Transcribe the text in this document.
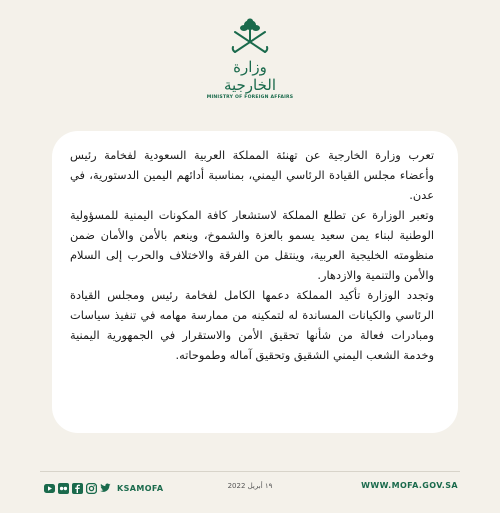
وزارة الخارجية
MINISTRY OF FOREIGN AFFAIRS

تعرب وزارة الخارجية عن تهنئة المملكة العربية السعودية لفخامة رئيس وأعضاء مجلس القيادة الرئاسي اليمني، بمناسبة أدائهم اليمين الدستورية، في عدن.

وتعبر الوزارة عن تطلع المملكة لاستشعار كافة المكونات اليمنية للمسؤولية الوطنية لبناء يمن سعيد يسمو بالعزة والشموخ، وينعم بالأمن والأمان ضمن منظومته الخليجية العربية، وينتقل من الفرقة والاختلاف والحرب إلى السلام والأمن والتنمية والازدهار.

وتجدد الوزارة تأكيد المملكة دعمها الكامل لفخامة رئيس ومجلس القيادة الرئاسي والكيانات المساندة له لتمكينه من ممارسة مهامه في تنفيذ سياسات ومبادرات فعالة من شأنها تحقيق الأمن والاستقرار في الجمهورية اليمنية وخدمة الشعب اليمني الشقيق وتحقيق آماله وطموحاته.

KSAMOFA	١٩ أبريل 2022	WWW.MOFA.GOV.SA
